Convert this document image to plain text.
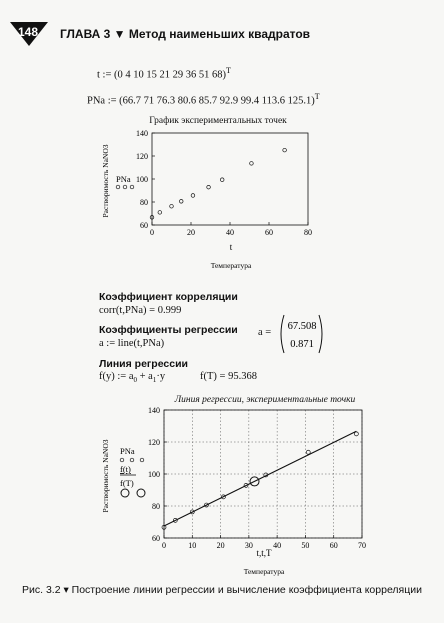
148	ГЛАВА 3 ▼ Метод наименьших квадратов
t := (0 4 10 15 21 29 36 51 68)$^T$
PNa := (66.7 71 76.3 80.6 85.7 92.9 99.4 113.6 125.1)$^T$
График экспериментальных точек
0	20	40	60	80
60
80
100
120
140
Растворимость NaNO3 PNa
t
Температура
Коэффициент корреляции
corr(t,PNa) = 0.999
Коэффициенты регрессии
a := line(t,PNa)
a =
67.508
0.871
Линия регрессии
f(y) := $a_0 + a_1\cdot y$	f(T) = 95.368
Линия регрессии, экспериментальные точки
0	10	20	30	40	50	60	70
60
80
100
120
140
Растворимость NaNO3 PNa
f(t)
f(T)
t,t,T
Температура
Рис. 3.2 ▾ Построение линии регрессии и вычисление коэффициента корреляции
